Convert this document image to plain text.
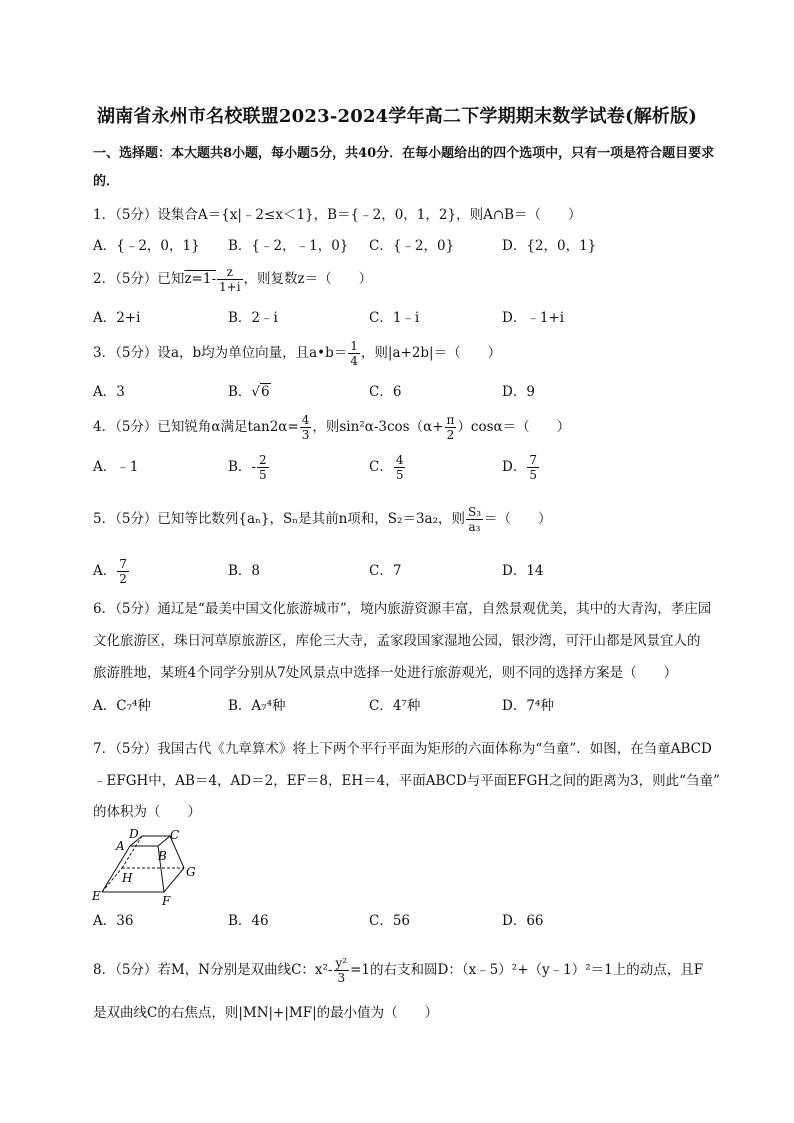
湖南省永州市名校联盟2023-2024学年高二下学期期末数学试卷(解析版)
一、选择题：本大题共8小题，每小题5分，共40分．在每小题给出的四个选项中，只有一项是符合题目要求的．
1．（5分）设集合A＝{x|﹣2≤x＜1}，B＝{﹣2，0，1，2}，则A∩B＝（　　）
A．{﹣2，0，1} B．{﹣2，﹣1，0} C．{﹣2，0}	D．{2，0，1}
2．（5分）已知$z=1- \frac{z}{1+i}$ ，则复数z＝（　　）
A．2+i	B．2﹣i	C．1﹣i	D．﹣1+i
3．（5分）设a，b均为单位向量，且a•b＝ $\frac{1}{4}$ ，则|a+2b|＝（　　）
A．3	B．√6	C．6	D．9
4．（5分）已知锐角α满足$\tan 2\alpha= \frac{4}{3}$ ，则$\sin^2\alpha-3\cos(\alpha+ \frac{\pi}{2} )\cos\alpha=$（　　）
A．﹣1	B．- $\frac{2}{5}$	C． $\frac{4}{5}$	D． $\frac{7}{5}$
5．（5分）已知等比数列{aₙ}，Sₙ是其前n项和，S₂＝3a₂，则 $\frac{\text{S₃}}{\text{a₃}}$ ＝（　　）
A． $\frac{7}{2}$	B．8	C．7	D．14
6．（5分）通辽是“最美中国文化旅游城市”，境内旅游资源丰富，自然景观优美，其中的大青沟，孝庄园
文化旅游区，珠日河草原旅游区，库伦三大寺，孟家段国家湿地公园，银沙湾，可汗山都是风景宜人的
旅游胜地，某班4个同学分别从7处风景点中选择一处进行旅游观光，则不同的选择方案是（　　）
A．C₇⁴种	B．A₇⁴种	C．4⁷种	D．7⁴种
7．（5分）我国古代《九章算术》将上下两个平行平面为矩形的六面体称为“刍童”．如图，在刍童ABCD
﹣EFGH中，AB＝4，AD＝2，EF＝8，EH＝4，平面ABCD与平面EFGH之间的距离为3，则此“刍童”
的体积为（　　）
D	C
A
B
H	G
E	F
A．36	B．46	C．56	D．66
8．（5分）若M，N分别是双曲线C：$x^2- \frac{\text{y²}}{3} =1$的右支和圆D：（x﹣5）²+（y﹣1）²＝1上的动点，且F
是双曲线C的右焦点，则|MN|+|MF|的最小值为（　　）
